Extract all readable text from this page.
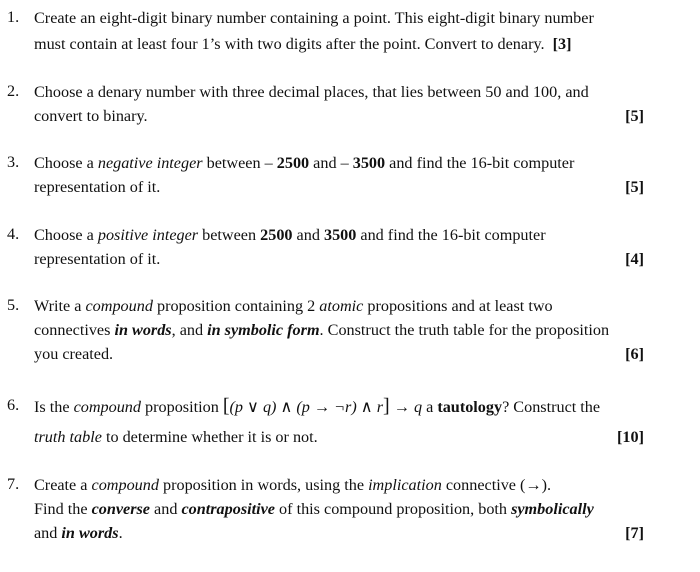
1. Create an eight-digit binary number containing a point. This eight-digit binary number
must contain at least four 1’s with two digits after the point. Convert to denary. [3]
2. Choose a denary number with three decimal places, that lies between 50 and 100, and
convert to binary.	[5]
3. Choose a negative integer between – 2500 and – 3500 and find the 16-bit computer
representation of it.	[5]
4. Choose a positive integer between 2500 and 3500 and find the 16-bit computer
representation of it.	[4]
5. Write a compound proposition containing 2 atomic propositions and at least two
connectives in words, and in symbolic form. Construct the truth table for the proposition
you created.	[6]
6. Is the compound proposition [(p ∨ q) ∧ (p → ¬r) ∧ r] → q a tautology? Construct the
truth table to determine whether it is or not.	[10]
7. Create a compound proposition in words, using the implication connective (→).
Find the converse and contrapositive of this compound proposition, both symbolically
and in words.	[7]
